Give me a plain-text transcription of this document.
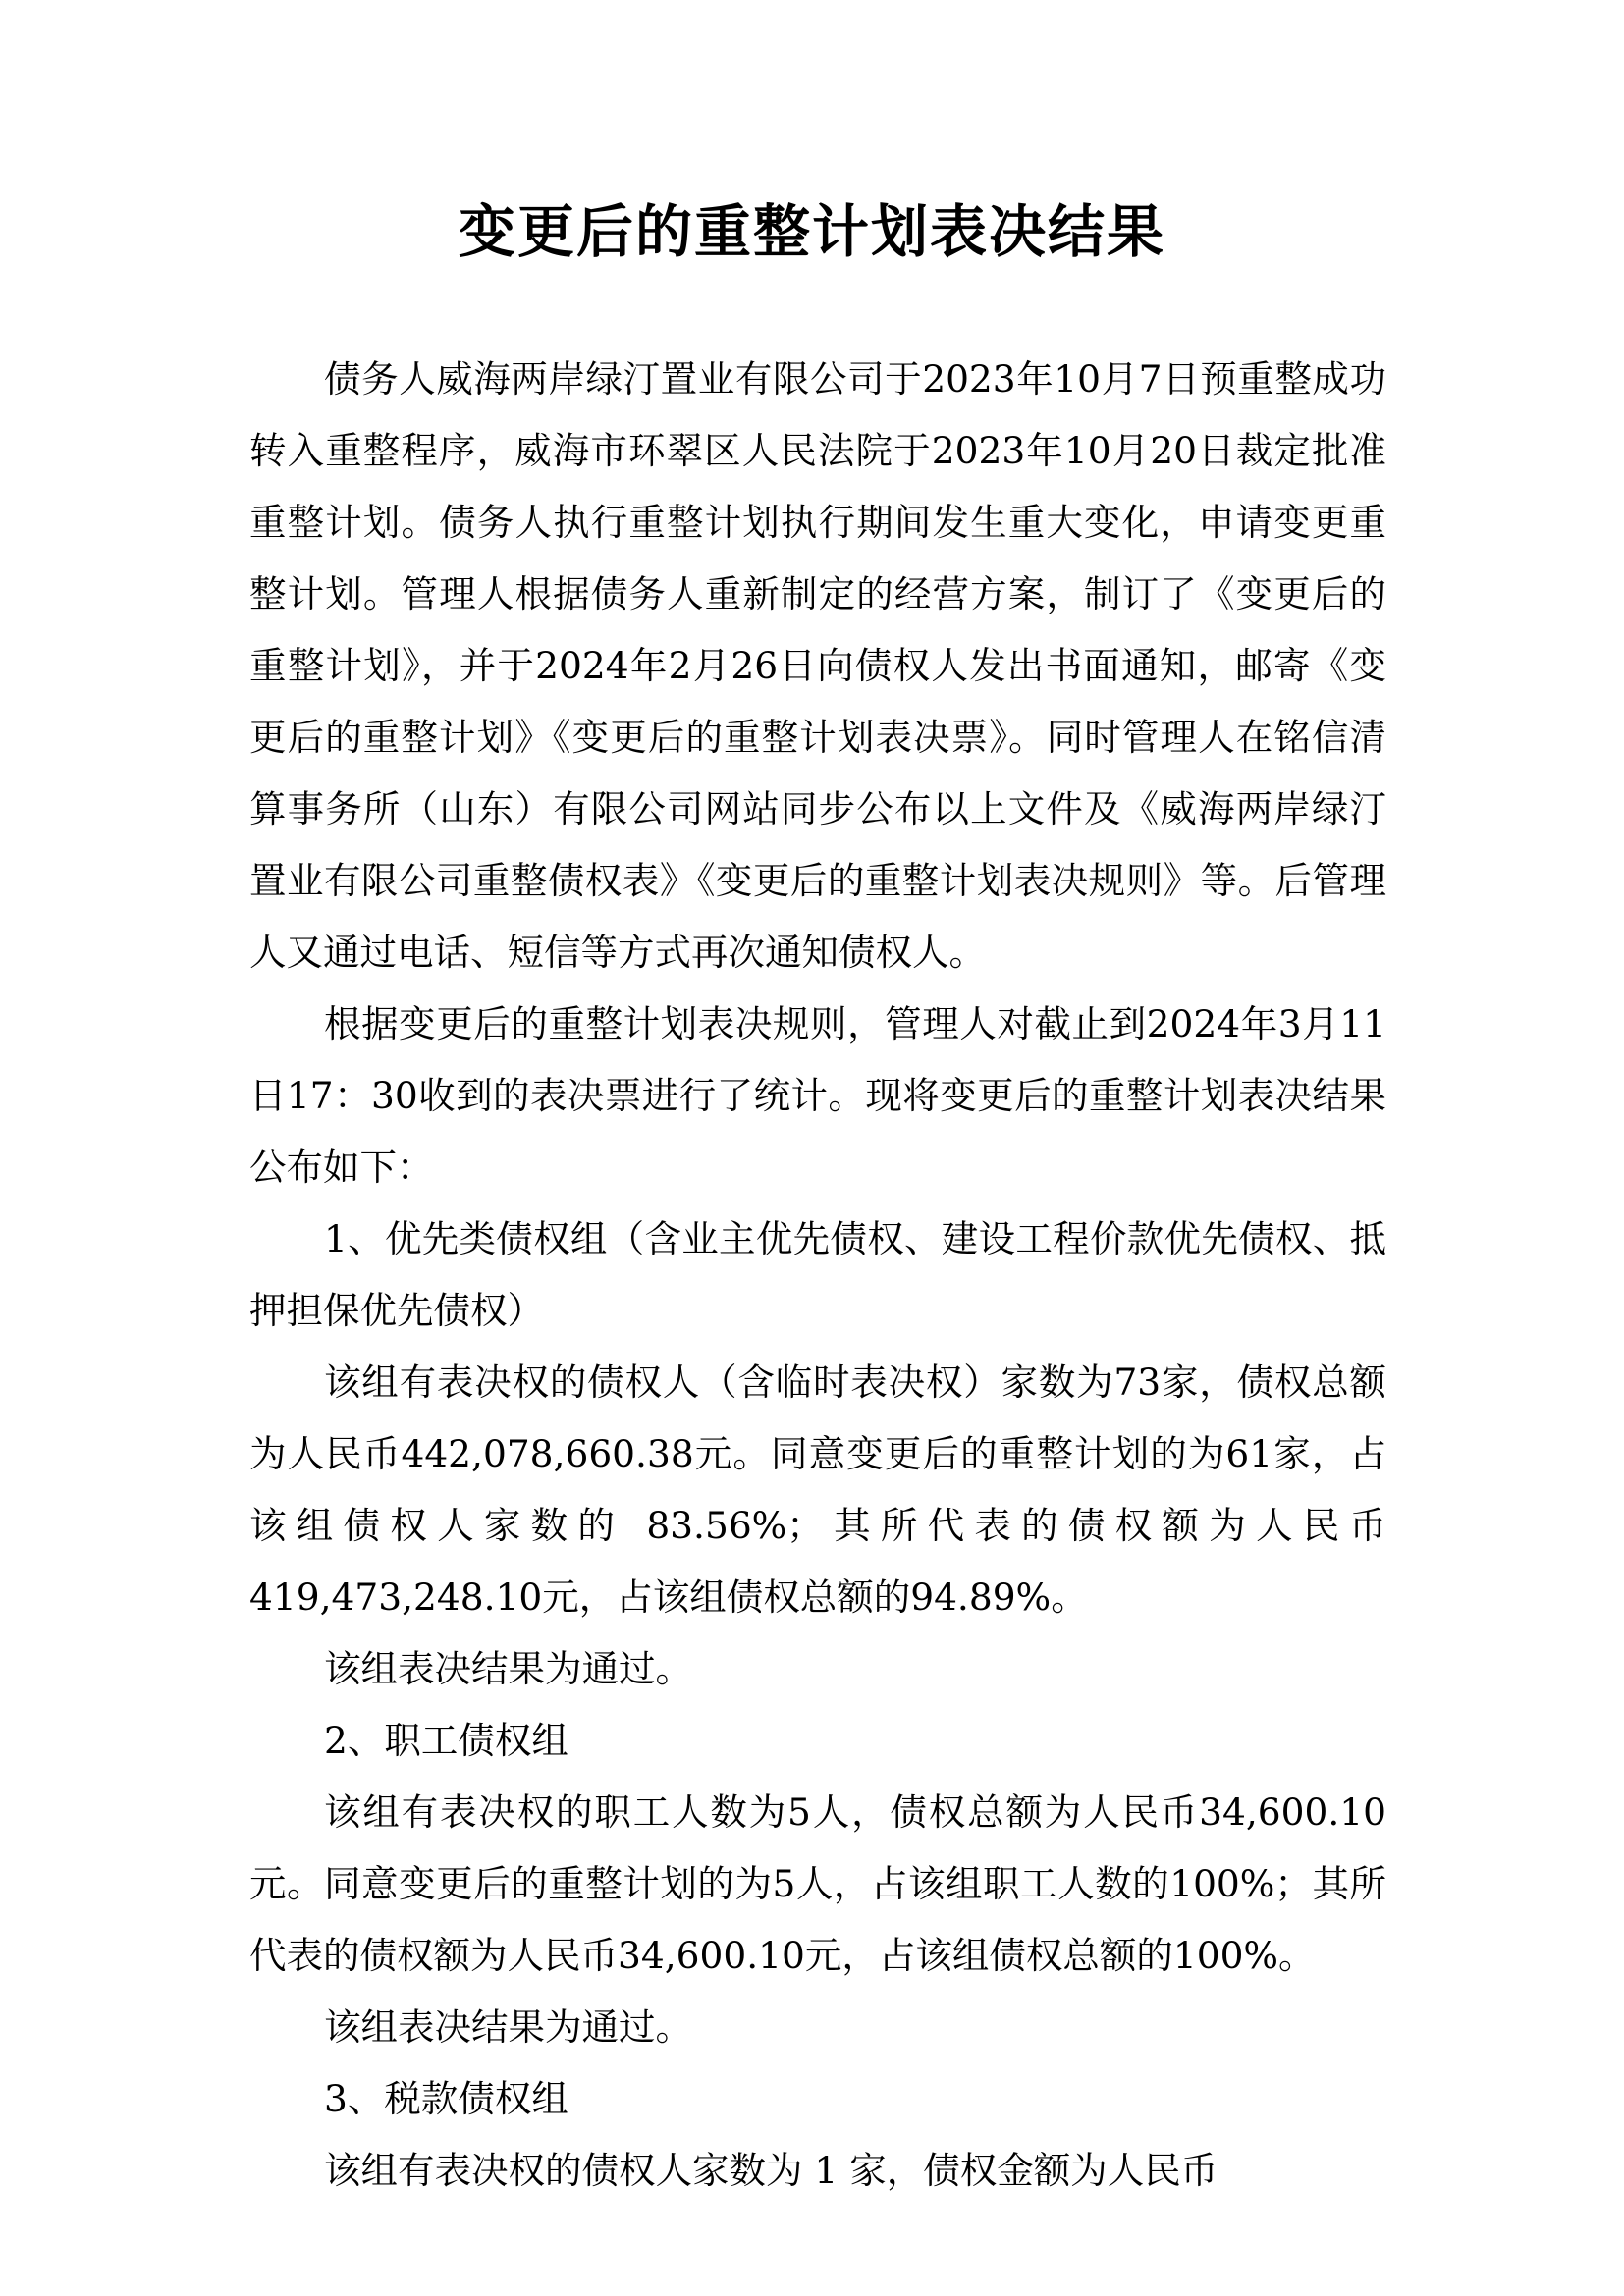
变更后的重整计划表决结果

债务人威海两岸绿汀置业有限公司于2023年10月7日预重整成功转入重整程序，威海市环翠区人民法院于2023年10月20日裁定批准重整计划。债务人执行重整计划执行期间发生重大变化，申请变更重整计划。管理人根据债务人重新制定的经营方案，制订了《变更后的重整计划》，并于2024年2月26日向债权人发出书面通知，邮寄《变更后的重整计划》《变更后的重整计划表决票》。同时管理人在铭信清算事务所（山东）有限公司网站同步公布以上文件及《威海两岸绿汀置业有限公司重整债权表》《变更后的重整计划表决规则》等。后管理人又通过电话、短信等方式再次通知债权人。

根据变更后的重整计划表决规则，管理人对截止到2024年3月11日17：30收到的表决票进行了统计。现将变更后的重整计划表决结果公布如下：

1、优先类债权组（含业主优先债权、建设工程价款优先债权、抵押担保优先债权）

该组有表决权的债权人（含临时表决权）家数为73家，债权总额为人民币442,078,660.38元。同意变更后的重整计划的为61家，占该组债权人家数的 83.56%；其所代表的债权额为人民币419,473,248.10元，占该组债权总额的94.89%。

该组表决结果为通过。

2、职工债权组

该组有表决权的职工人数为5人，债权总额为人民币34,600.10元。同意变更后的重整计划的为5人，占该组职工人数的100%；其所代表的债权额为人民币34,600.10元，占该组债权总额的100%。

该组表决结果为通过。

3、税款债权组

该组有表决权的债权人家数为 1 家，债权金额为人民币
